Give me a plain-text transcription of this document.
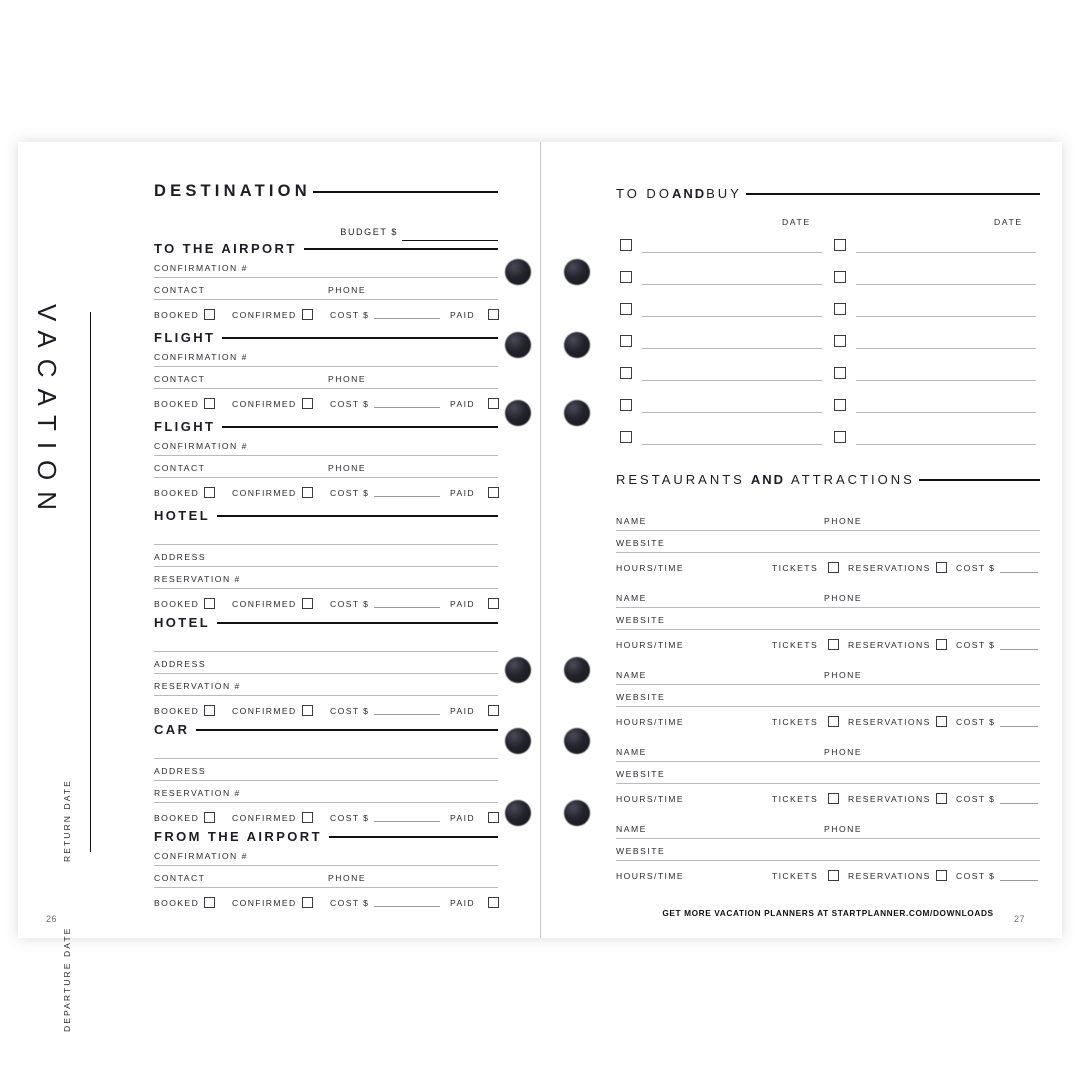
VACATION
RETURN DATE
DEPARTURE DATE
DESTINATION
BUDGET $
TO THE AIRPORT
CONFIRMATION #
CONTACT	PHONE
BOOKED	CONFIRMED	COST $	PAID
FLIGHT
CONFIRMATION #
CONTACT	PHONE
BOOKED	CONFIRMED	COST $	PAID
FLIGHT
CONFIRMATION #
CONTACT	PHONE
BOOKED	CONFIRMED	COST $	PAID
HOTEL
ADDRESS
RESERVATION #
BOOKED	CONFIRMED	COST $	PAID
HOTEL
ADDRESS
RESERVATION #
BOOKED	CONFIRMED	COST $	PAID
CAR
ADDRESS
RESERVATION #
BOOKED	CONFIRMED	COST $	PAID
FROM THE AIRPORT
CONFIRMATION #
CONTACT	PHONE
BOOKED	CONFIRMED	COST $	PAID
26
TO DO AND BUY
DATE	DATE
RESTAURANTS AND ATTRACTIONS
NAME	PHONE
WEBSITE
HOURS/TIME	TICKETS	RESERVATIONS	COST $
NAME	PHONE
WEBSITE
HOURS/TIME	TICKETS	RESERVATIONS	COST $
NAME	PHONE
WEBSITE
HOURS/TIME	TICKETS	RESERVATIONS	COST $
NAME	PHONE
WEBSITE
HOURS/TIME	TICKETS	RESERVATIONS	COST $
NAME	PHONE
WEBSITE
HOURS/TIME	TICKETS	RESERVATIONS	COST $
GET MORE VACATION PLANNERS AT STARTPLANNER.COM/DOWNLOADS
27
